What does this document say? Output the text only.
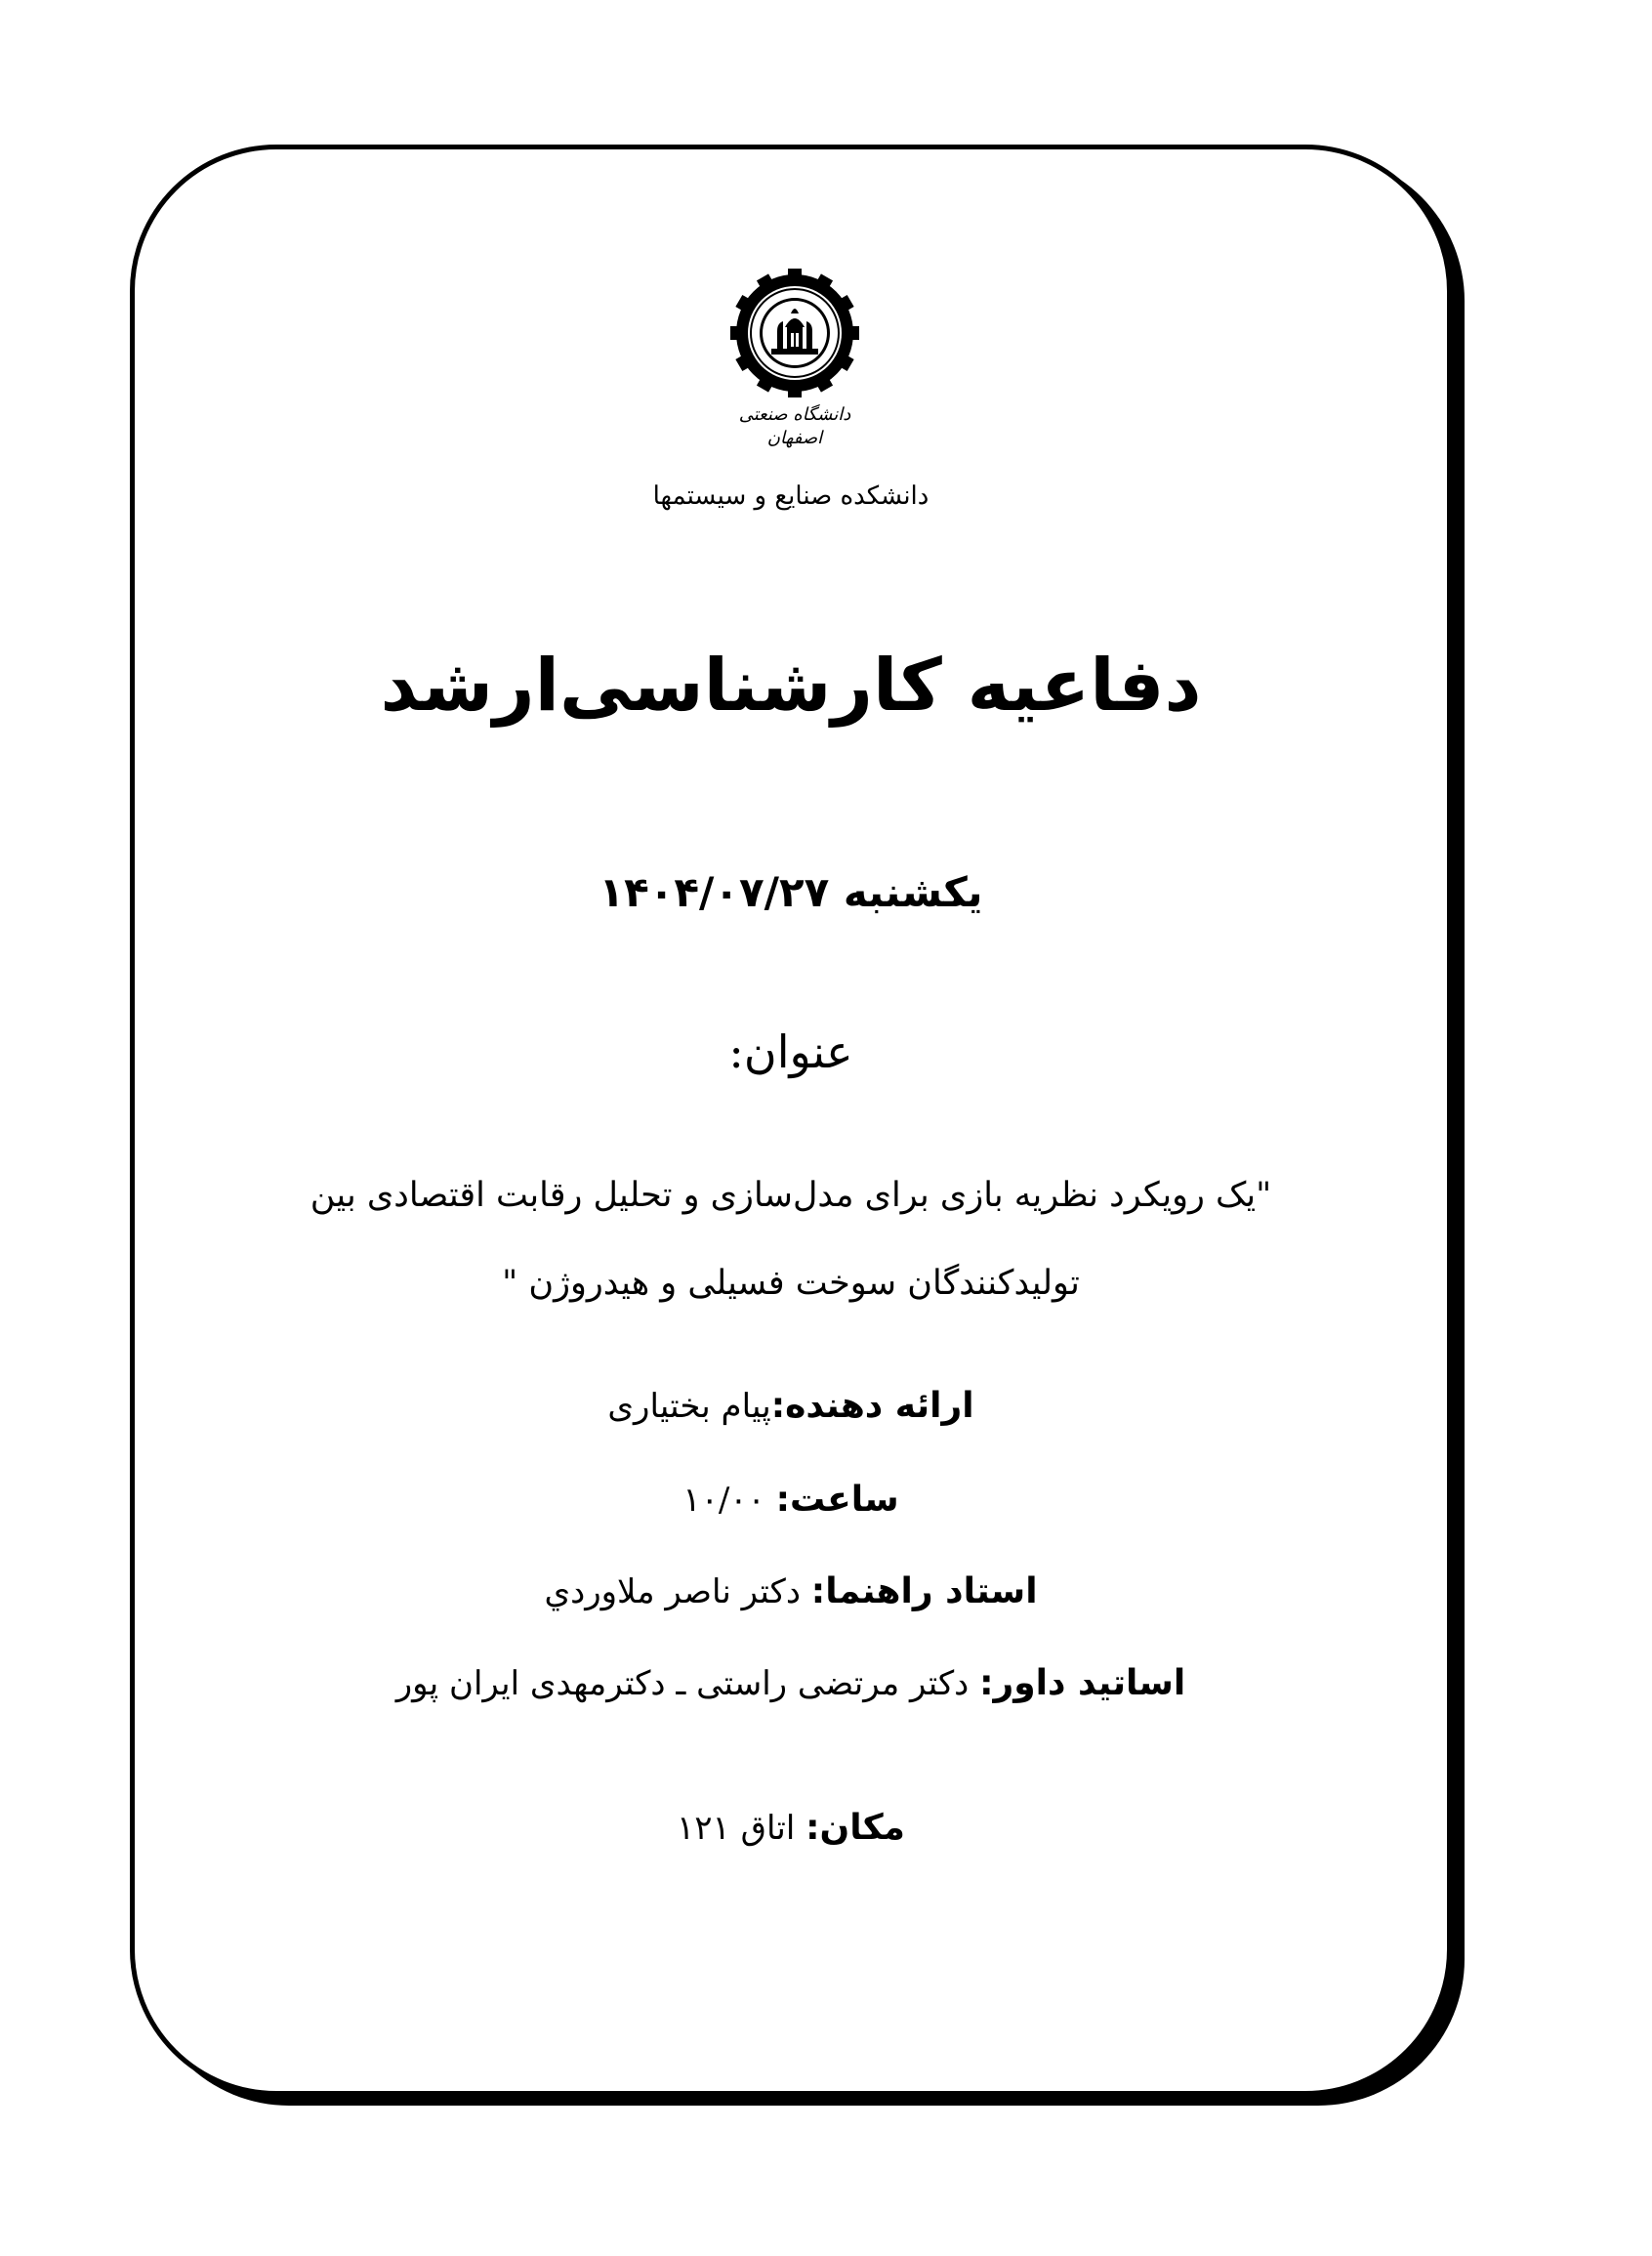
دانشگاه صنعتی اصفهان
دانشکده صنایع و سیستمها
دفاعیه کارشناسی‌ارشد
یکشنبه ۱۴۰۴/۰۷/۲۷
عنوان:
"یک رویکرد نظریه بازی برای مدل‌سازی و تحلیل رقابت اقتصادی بین
تولیدکنندگان سوخت فسیلی و هیدروژن "
ارائه دهنده:پیام بختیاری
ساعت: ۱۰/۰۰
استاد راهنما: دکتر ناصر ملاوردي
اساتید داور: دکتر مرتضی راستی ـ دکترمهدی ایران پور
مکان: اتاق ۱۲۱
